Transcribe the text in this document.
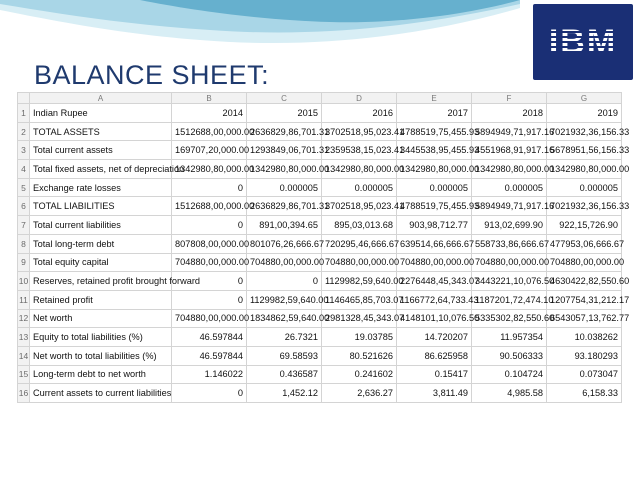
IBM
BALANCE SHEET:
	A	B	C	D	E	F	G
1	Indian Rupee	2014	2015	2016	2017	2018	2019
2	TOTAL ASSETS	1512688,00,000.00	2636829,86,701.31	3702518,95,023.41	4788519,75,455.93	5894949,71,917.16	7021932,36,156.33
3	Total current assets	169707,20,000.00	1293849,06,701.31	2359538,15,023.41	3445538,95,455.93	4551968,91,917.16	5678951,56,156.33
4	Total fixed assets, net of depreciation	1342980,80,000.00	1342980,80,000.00	1342980,80,000.00	1342980,80,000.00	1342980,80,000.00	1342980,80,000.00
5	Exchange rate losses	0	0.000005	0.000005	0.000005	0.000005	0.000005
6	TOTAL LIABILITIES	1512688,00,000.00	2636829,86,701.31	3702518,95,023.41	4788519,75,455.93	5894949,71,917.16	7021932,36,156.33
7	Total current liabilities	0	891,00,394.65	895,03,013.68	903,98,712.77	913,02,699.90	922,15,726.90
8	Total long-term debt	807808,00,000.00	801076,26,666.67	720295,46,666.67	639514,66,666.67	558733,86,666.67	477953,06,666.67
9	Total equity capital	704880,00,000.00	704880,00,000.00	704880,00,000.00	704880,00,000.00	704880,00,000.00	704880,00,000.00
10	Reserves, retained profit brought forward	0	0	1129982,59,640.00	2276448,45,343.07	3443221,10,076.50	4630422,82,550.60
11	Retained profit	0	1129982,59,640.00	1146465,85,703.07	1166772,64,733.43	1187201,72,474.10	1207754,31,212.17
12	Net worth	704880,00,000.00	1834862,59,640.00	2981328,45,343.07	4148101,10,076.50	5335302,82,550.60	6543057,13,762.77
13	Equity to total liabilities (%)	46.597844	26.7321	19.03785	14.720207	11.957354	10.038262
14	Net worth to total liabilities (%)	46.597844	69.58593	80.521626	86.625958	90.506333	93.180293
15	Long-term debt to net worth	1.146022	0.436587	0.241602	0.15417	0.104724	0.073047
16	Current assets to current liabilities	0	1,452.12	2,636.27	3,811.49	4,985.58	6,158.33
